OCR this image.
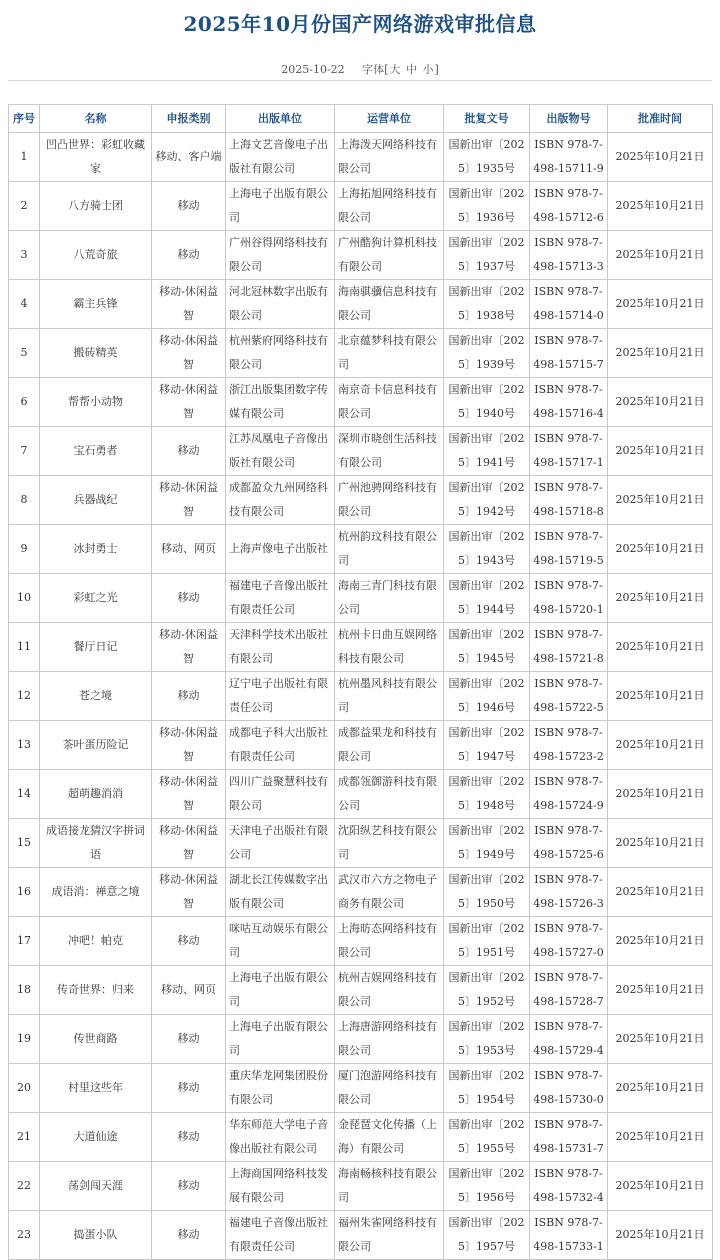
2025年10月份国产网络游戏审批信息
2025-10-22 字体[大 中 小]
序号	名称	申报类别	出版单位	运营单位	批复文号	出版物号	批准时间
1	凹凸世界：彩虹收藏家	移动、客户端	上海文艺音像电子出版社有限公司	上海泼天网络科技有限公司	国新出审〔2025〕1935号	ISBN 978-7-498-15711-9	2025年10月21日
2	八方骑士团	移动	上海电子出版有限公司	上海拓旭网络科技有限公司	国新出审〔2025〕1936号	ISBN 978-7-498-15712-6	2025年10月21日
3	八荒奇旅	移动	广州谷得网络科技有限公司	广州酷狗计算机科技有限公司	国新出审〔2025〕1937号	ISBN 978-7-498-15713-3	2025年10月21日
4	霸主兵锋	移动-休闲益智	河北冠林数字出版有限公司	海南骐骥信息科技有限公司	国新出审〔2025〕1938号	ISBN 978-7-498-15714-0	2025年10月21日
5	搬砖精英	移动-休闲益智	杭州紫府网络科技有限公司	北京蕴梦科技有限公司	国新出审〔2025〕1939号	ISBN 978-7-498-15715-7	2025年10月21日
6	帮帮小动物	移动-休闲益智	浙江出版集团数字传媒有限公司	南京奇卡信息科技有限公司	国新出审〔2025〕1940号	ISBN 978-7-498-15716-4	2025年10月21日
7	宝石勇者	移动	江苏凤凰电子音像出版社有限公司	深圳市晓创生活科技有限公司	国新出审〔2025〕1941号	ISBN 978-7-498-15717-1	2025年10月21日
8	兵器战纪	移动-休闲益智	成都盈众九州网络科技有限公司	广州池骋网络科技有限公司	国新出审〔2025〕1942号	ISBN 978-7-498-15718-8	2025年10月21日
9	冰封勇士	移动、网页	上海声像电子出版社	杭州韵玟科技有限公司	国新出审〔2025〕1943号	ISBN 978-7-498-15719-5	2025年10月21日
10	彩虹之光	移动	福建电子音像出版社有限责任公司	海南三青门科技有限公司	国新出审〔2025〕1944号	ISBN 978-7-498-15720-1	2025年10月21日
11	餐厅日记	移动-休闲益智	天津科学技术出版社有限公司	杭州卡日曲互娱网络科技有限公司	国新出审〔2025〕1945号	ISBN 978-7-498-15721-8	2025年10月21日
12	苍之境	移动	辽宁电子出版社有限责任公司	杭州墨风科技有限公司	国新出审〔2025〕1946号	ISBN 978-7-498-15722-5	2025年10月21日
13	茶叶蛋历险记	移动-休闲益智	成都电子科大出版社有限责任公司	成都益果龙和科技有限公司	国新出审〔2025〕1947号	ISBN 978-7-498-15723-2	2025年10月21日
14	超萌趣消消	移动-休闲益智	四川广益聚慧科技有限公司	成都瓴御游科技有限公司	国新出审〔2025〕1948号	ISBN 978-7-498-15724-9	2025年10月21日
15	成语接龙猜汉字拼词语	移动-休闲益智	天津电子出版社有限公司	沈阳纵艺科技有限公司	国新出审〔2025〕1949号	ISBN 978-7-498-15725-6	2025年10月21日
16	成语消：禅意之境	移动-休闲益智	湖北长江传媒数字出版有限公司	武汉市六方之物电子商务有限公司	国新出审〔2025〕1950号	ISBN 978-7-498-15726-3	2025年10月21日
17	冲吧！帕克	移动	咪咕互动娱乐有限公司	上海昉态网络科技有限公司	国新出审〔2025〕1951号	ISBN 978-7-498-15727-0	2025年10月21日
18	传奇世界：归来	移动、网页	上海电子出版有限公司	杭州吉娱网络科技有限公司	国新出审〔2025〕1952号	ISBN 978-7-498-15728-7	2025年10月21日
19	传世商路	移动	上海电子出版有限公司	上海唐游网络科技有限公司	国新出审〔2025〕1953号	ISBN 978-7-498-15729-4	2025年10月21日
20	村里这些年	移动	重庆华龙网集团股份有限公司	厦门泡游网络科技有限公司	国新出审〔2025〕1954号	ISBN 978-7-498-15730-0	2025年10月21日
21	大道仙途	移动	华东师范大学电子音像出版社有限公司	金琵琶文化传播（上海）有限公司	国新出审〔2025〕1955号	ISBN 978-7-498-15731-7	2025年10月21日
22	荡剑闯天涯	移动	上海商国网络科技发展有限公司	海南畅核科技有限公司	国新出审〔2025〕1956号	ISBN 978-7-498-15732-4	2025年10月21日
23	捣蛋小队	移动	福建电子音像出版社有限责任公司	福州朱雀网络科技有限公司	国新出审〔2025〕1957号	ISBN 978-7-498-15733-1	2025年10月21日
